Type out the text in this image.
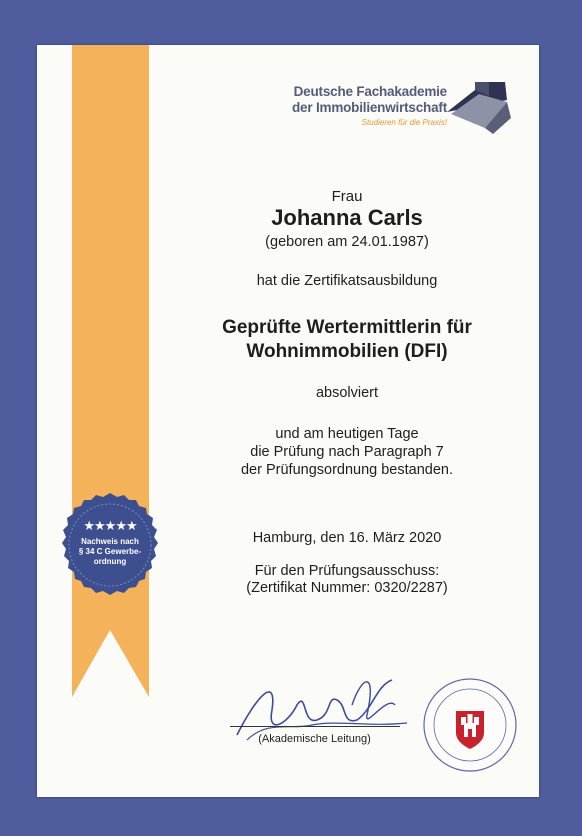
★★★★★
Nachweis nach
§ 34 C Gewerbe-
ordnung
Deutsche Fachakademie
der Immobilienwirtschaft
Studieren für die Praxis!
Frau
Johanna Carls
(geboren am 24.01.1987)
hat die Zertifikatsausbildung
Geprüfte Wertermittlerin für
Wohnimmobilien (DFI)
absolviert
und am heutigen Tage
die Prüfung nach Paragraph 7
der Prüfungsordnung bestanden.
Hamburg, den 16. März 2020
Für den Prüfungsausschuss:
(Zertifikat Nummer: 0320/2287)
(Akademische Leitung)
